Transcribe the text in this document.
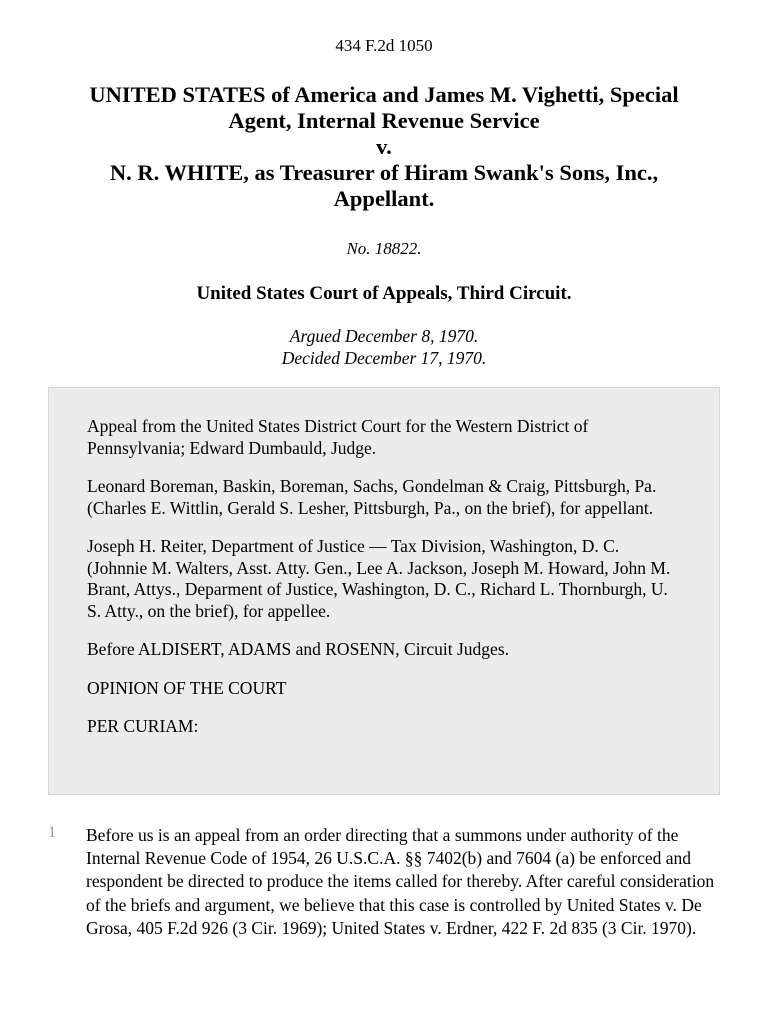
434 F.2d 1050
UNITED STATES of America and James M. Vighetti, Special
Agent, Internal Revenue Service
v.
N. R. WHITE, as Treasurer of Hiram Swank's Sons, Inc.,
Appellant.
No. 18822.
United States Court of Appeals, Third Circuit.
Argued December 8, 1970.
Decided December 17, 1970.

Appeal from the United States District Court for the Western District of Pennsylvania; Edward Dumbauld, Judge.

Leonard Boreman, Baskin, Boreman, Sachs, Gondelman & Craig, Pittsburgh, Pa. (Charles E. Wittlin, Gerald S. Lesher, Pittsburgh, Pa., on the brief), for appellant.

Joseph H. Reiter, Department of Justice — Tax Division, Washington, D. C. (Johnnie M. Walters, Asst. Atty. Gen., Lee A. Jackson, Joseph M. Howard, John M. Brant, Attys., Deparment of Justice, Washington, D. C., Richard L. Thornburgh, U. S. Atty., on the brief), for appellee.

Before ALDISERT, ADAMS and ROSENN, Circuit Judges.

OPINION OF THE COURT

PER CURIAM:

1 Before us is an appeal from an order directing that a summons under authority of the Internal Revenue Code of 1954, 26 U.S.C.A. §§ 7402(b) and 7604 (a) be enforced and respondent be directed to produce the items called for thereby. After careful consideration of the briefs and argument, we believe that this case is controlled by United States v. De Grosa, 405 F.2d 926 (3 Cir. 1969); United States v. Erdner, 422 F. 2d 835 (3 Cir. 1970).
